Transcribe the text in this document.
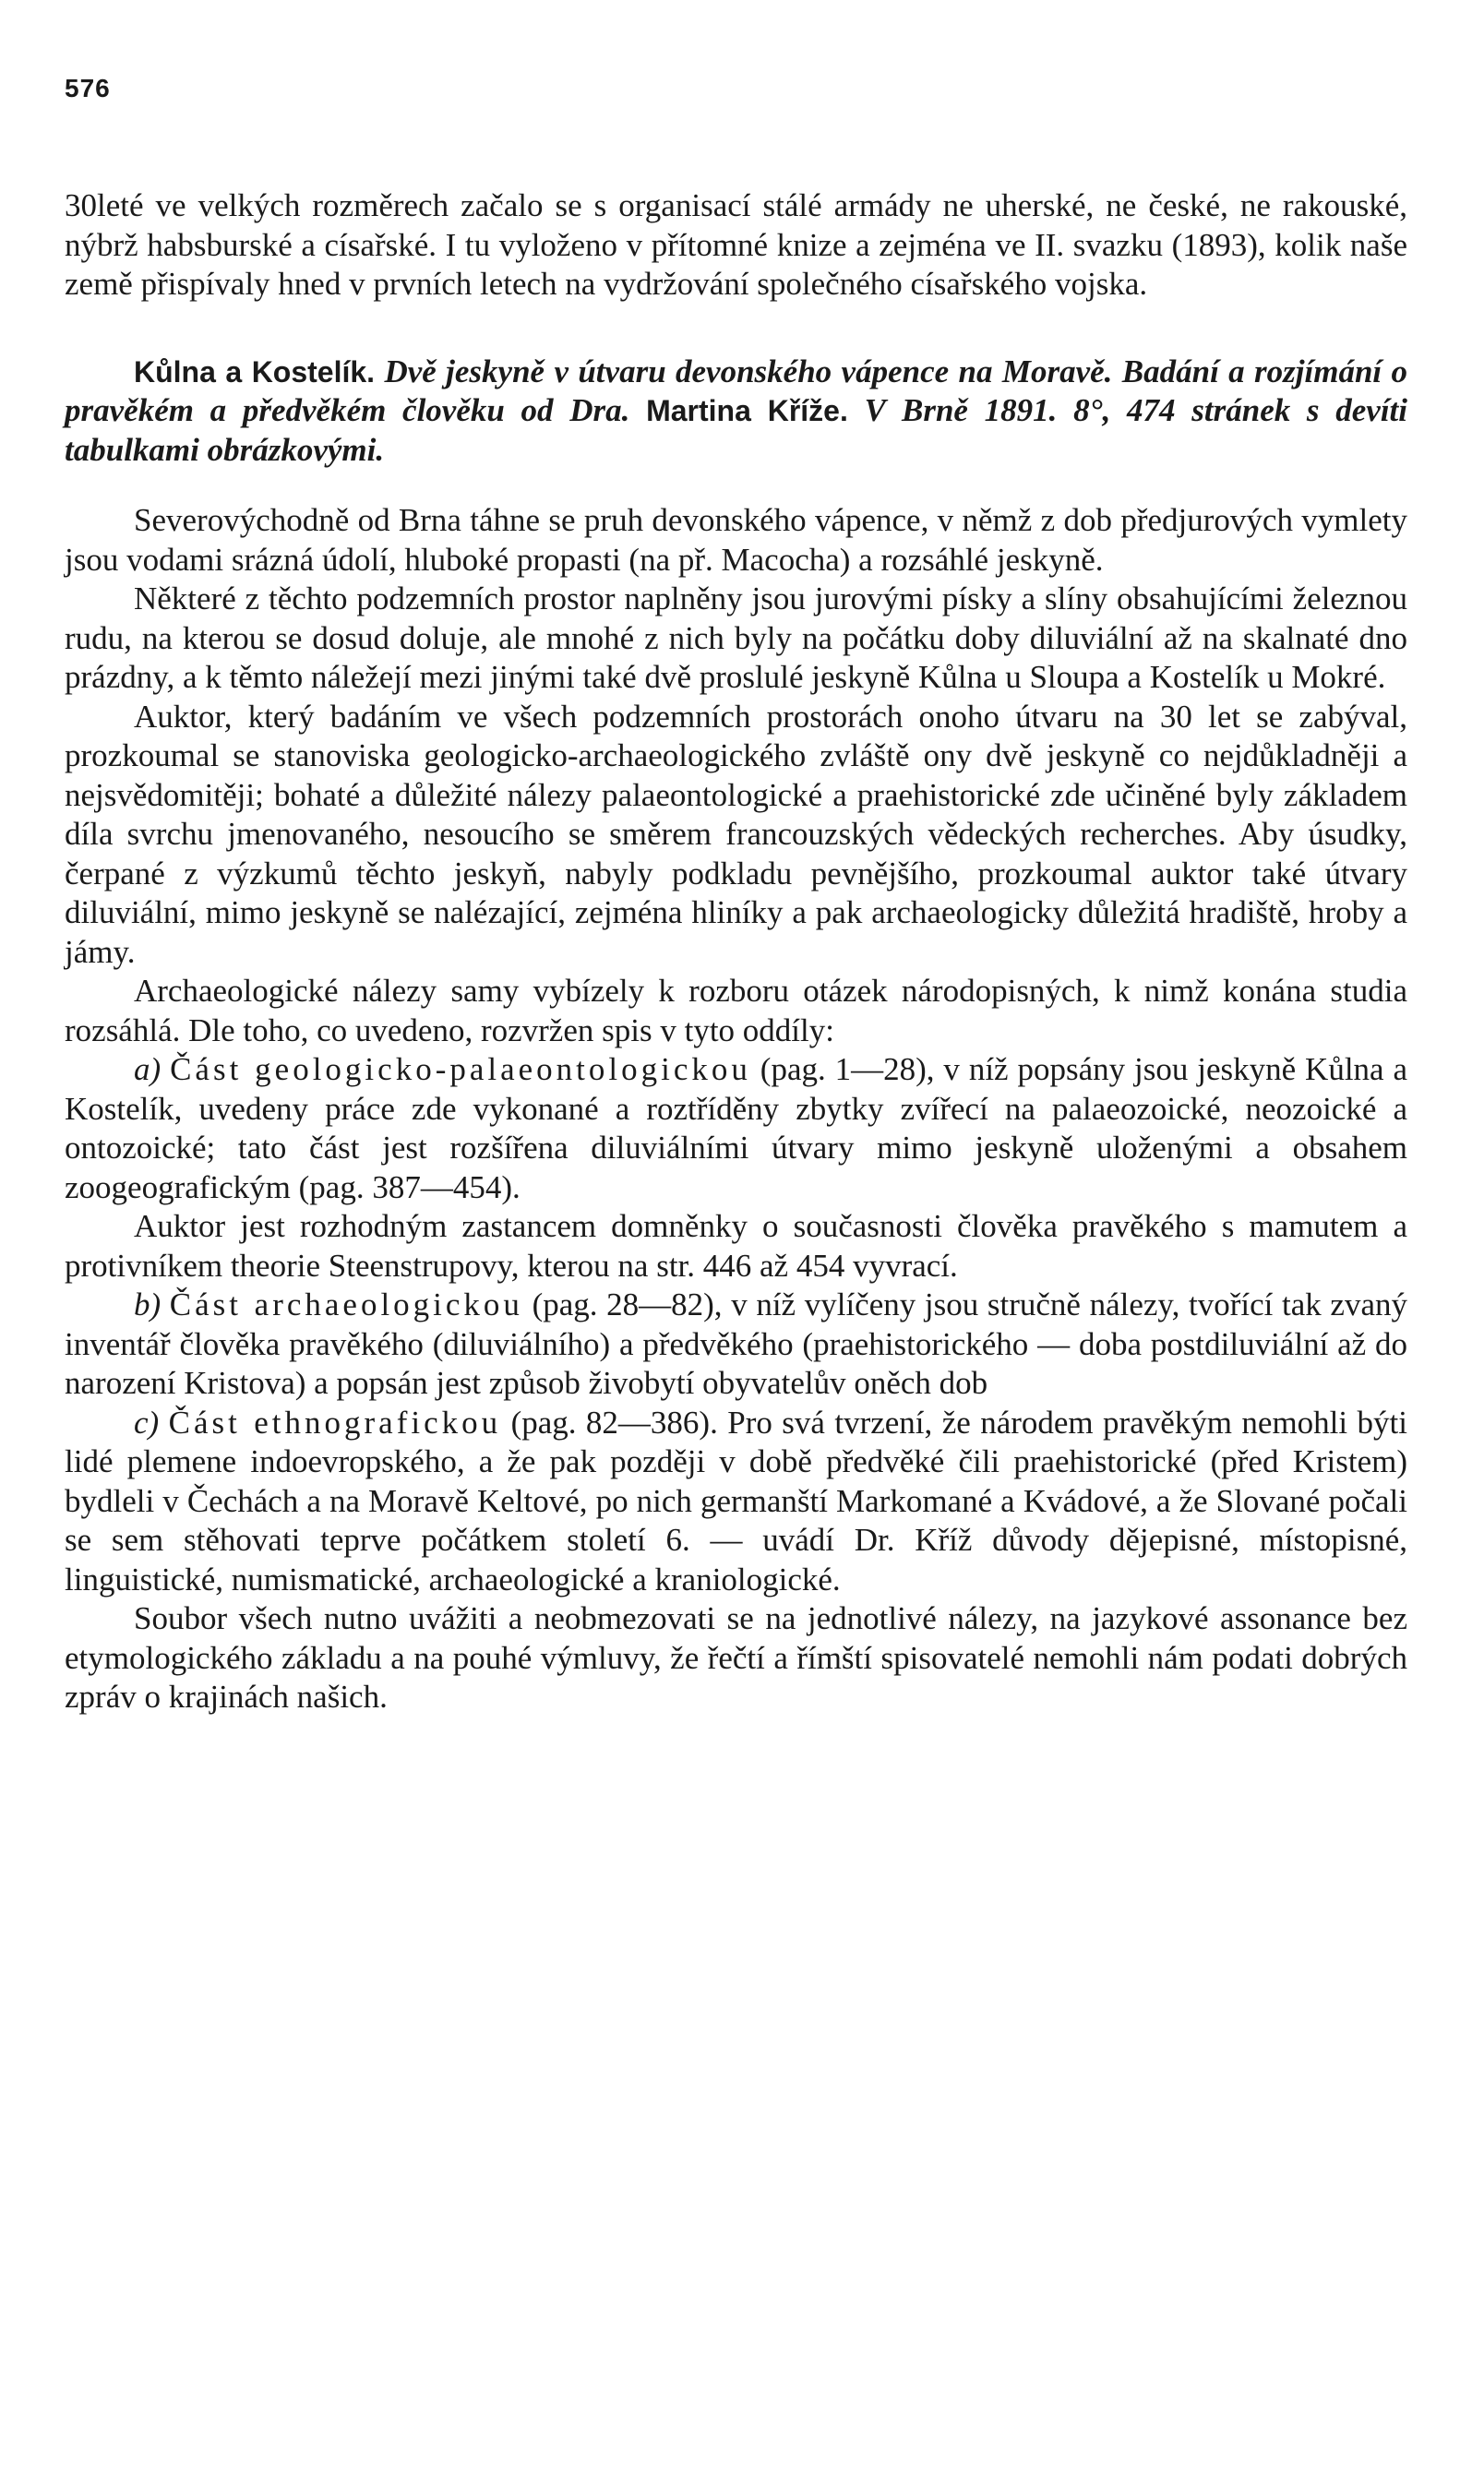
576

30leté ve velkých rozměrech začalo se s organisací stálé armády ne uherské, ne české, ne rakouské, nýbrž habsburské a císařské. I tu vyloženo v přítomné knize a zejména ve II. svazku (1893), kolik naše země přispívaly hned v prvních letech na vydržování společného císařského vojska.

Kůlna a Kostelík. Dvě jeskyně v útvaru devonského vápence na Moravě. Badání a rozjímání o pravěkém a předvěkém člověku od Dra. Martina Kříže. V Brně 1891. 8°, 474 stránek s devíti tabulkami obrázkovými.

Severovýchodně od Brna táhne se pruh devonského vápence, v němž z dob předjurových vymlety jsou vodami srázná údolí, hluboké propasti (na př. Macocha) a rozsáhlé jeskyně.

Některé z těchto podzemních prostor naplněny jsou jurovými písky a slíny obsahujícími železnou rudu, na kterou se dosud doluje, ale mnohé z nich byly na počátku doby diluviální až na skalnaté dno prázdny, a k těmto náležejí mezi jinými také dvě proslulé jeskyně Kůlna u Sloupa a Kostelík u Mokré.

Auktor, který badáním ve všech podzemních prostorách onoho útvaru na 30 let se zabýval, prozkoumal se stanoviska geologicko-archaeologického zvláště ony dvě jeskyně co nejdůkladněji a nejsvědomitěji; bohaté a důležité nálezy palaeontologické a praehistorické zde učiněné byly základem díla svrchu jmenovaného, nesoucího se směrem francouzských vědeckých recherches. Aby úsudky, čerpané z výzkumů těchto jeskyň, nabyly podkladu pevnějšího, prozkoumal auktor také útvary diluviální, mimo jeskyně se nalézající, zejména hliníky a pak archaeologicky důležitá hradiště, hroby a jámy.

Archaeologické nálezy samy vybízely k rozboru otázek národopisných, k nimž konána studia rozsáhlá. Dle toho, co uvedeno, rozvržen spis v tyto oddíly:

a) Část geologicko-palaeontologickou (pag. 1—28), v níž popsány jsou jeskyně Kůlna a Kostelík, uvedeny práce zde vykonané a roztříděny zbytky zvířecí na palaeozoické, neozoické a ontozoické; tato část jest rozšířena diluviálními útvary mimo jeskyně uloženými a obsahem zoogeografickým (pag. 387—454).

Auktor jest rozhodným zastancem domněnky o současnosti člověka pravěkého s mamutem a protivníkem theorie Steenstrupovy, kterou na str. 446 až 454 vyvrací.

b) Část archaeologickou (pag. 28—82), v níž vylíčeny jsou stručně nálezy, tvořící tak zvaný inventář člověka pravěkého (diluviálního) a předvěkého (praehistorického — doba postdiluviální až do narození Kristova) a popsán jest způsob živobytí obyvatelův oněch dob

c) Část ethnografickou (pag. 82—386). Pro svá tvrzení, že národem pravěkým nemohli býti lidé plemene indoevropského, a že pak později v době předvěké čili praehistorické (před Kristem) bydleli v Čechách a na Moravě Keltové, po nich germanští Markomané a Kvádové, a že Slované počali se sem stěhovati teprve počátkem století 6. — uvádí Dr. Kříž důvody dějepisné, místopisné, linguistické, numismatické, archaeologické a kraniologické.

Soubor všech nutno uvážiti a neobmezovati se na jednotlivé nálezy, na jazykové assonance bez etymologického základu a na pouhé výmluvy, že řečtí a římští spisovatelé nemohli nám podati dobrých zpráv o krajinách našich.
